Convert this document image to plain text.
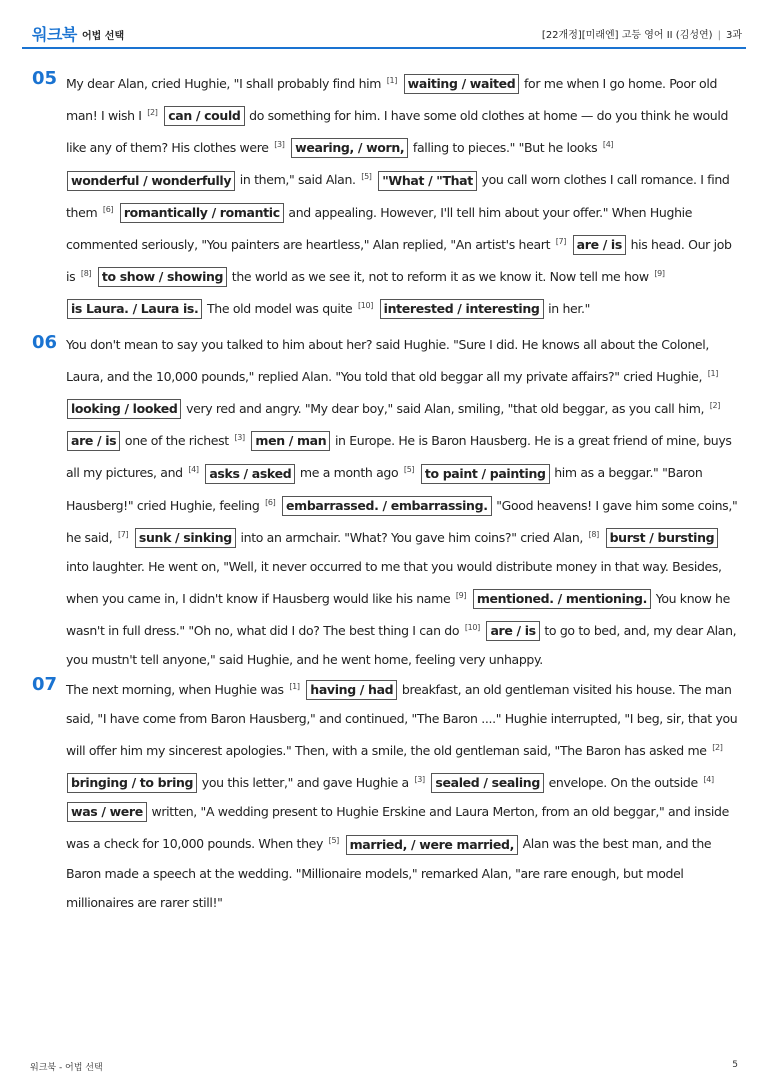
워크북 어법 선택	[22개정][미래엔] 고등 영어 II (김성연) | 3과
05 My dear Alan, cried Hughie, "I shall probably find him [1] waiting / waited for me when I go home. Poor old man! I wish I [2] can / could do something for him. I have some old clothes at home — do you think he would like any of them? His clothes were [3] wearing, / worn, falling to pieces." "But he looks [4] wonderful / wonderfully in them," said Alan. [5] "What / "That you call worn clothes I call romance. I find them [6] romantically / romantic and appealing. However, I'll tell him about your offer." When Hughie commented seriously, "You painters are heartless," Alan replied, "An artist's heart [7] are / is his head. Our job is [8] to show / showing the world as we see it, not to reform it as we know it. Now tell me how [9] is Laura. / Laura is. The old model was quite [10] interested / interesting in her."

06 You don't mean to say you talked to him about her? said Hughie. "Sure I did. He knows all about the Colonel, Laura, and the 10,000 pounds," replied Alan. "You told that old beggar all my private affairs?" cried Hughie, [1] looking / looked very red and angry. "My dear boy," said Alan, smiling, "that old beggar, as you call him, [2] are / is one of the richest [3] men / man in Europe. He is Baron Hausberg. He is a great friend of mine, buys all my pictures, and [4] asks / asked me a month ago [5] to paint / painting him as a beggar." "Baron Hausberg!" cried Hughie, feeling [6] embarrassed. / embarrassing. "Good heavens! I gave him some coins," he said, [7] sunk / sinking into an armchair. "What? You gave him coins?" cried Alan, [8] burst / bursting into laughter. He went on, "Well, it never occurred to me that you would distribute money in that way. Besides, when you came in, I didn't know if Hausberg would like his name [9] mentioned. / mentioning. You know he wasn't in full dress." "Oh no, what did I do? The best thing I can do [10] are / is to go to bed, and, my dear Alan, you mustn't tell anyone," said Hughie, and he went home, feeling very unhappy.

07 The next morning, when Hughie was [1] having / had breakfast, an old gentleman visited his house. The man said, "I have come from Baron Hausberg," and continued, "The Baron ...." Hughie interrupted, "I beg, sir, that you will offer him my sincerest apologies." Then, with a smile, the old gentleman said, "The Baron has asked me [2] bringing / to bring you this letter," and gave Hughie a [3] sealed / sealing envelope. On the outside [4] was / were written, "A wedding present to Hughie Erskine and Laura Merton, from an old beggar," and inside was a check for 10,000 pounds. When they [5] married, / were married, Alan was the best man, and the Baron made a speech at the wedding. "Millionaire models," remarked Alan, "are rare enough, but model millionaires are rarer still!"

워크북 - 어법 선택	5
